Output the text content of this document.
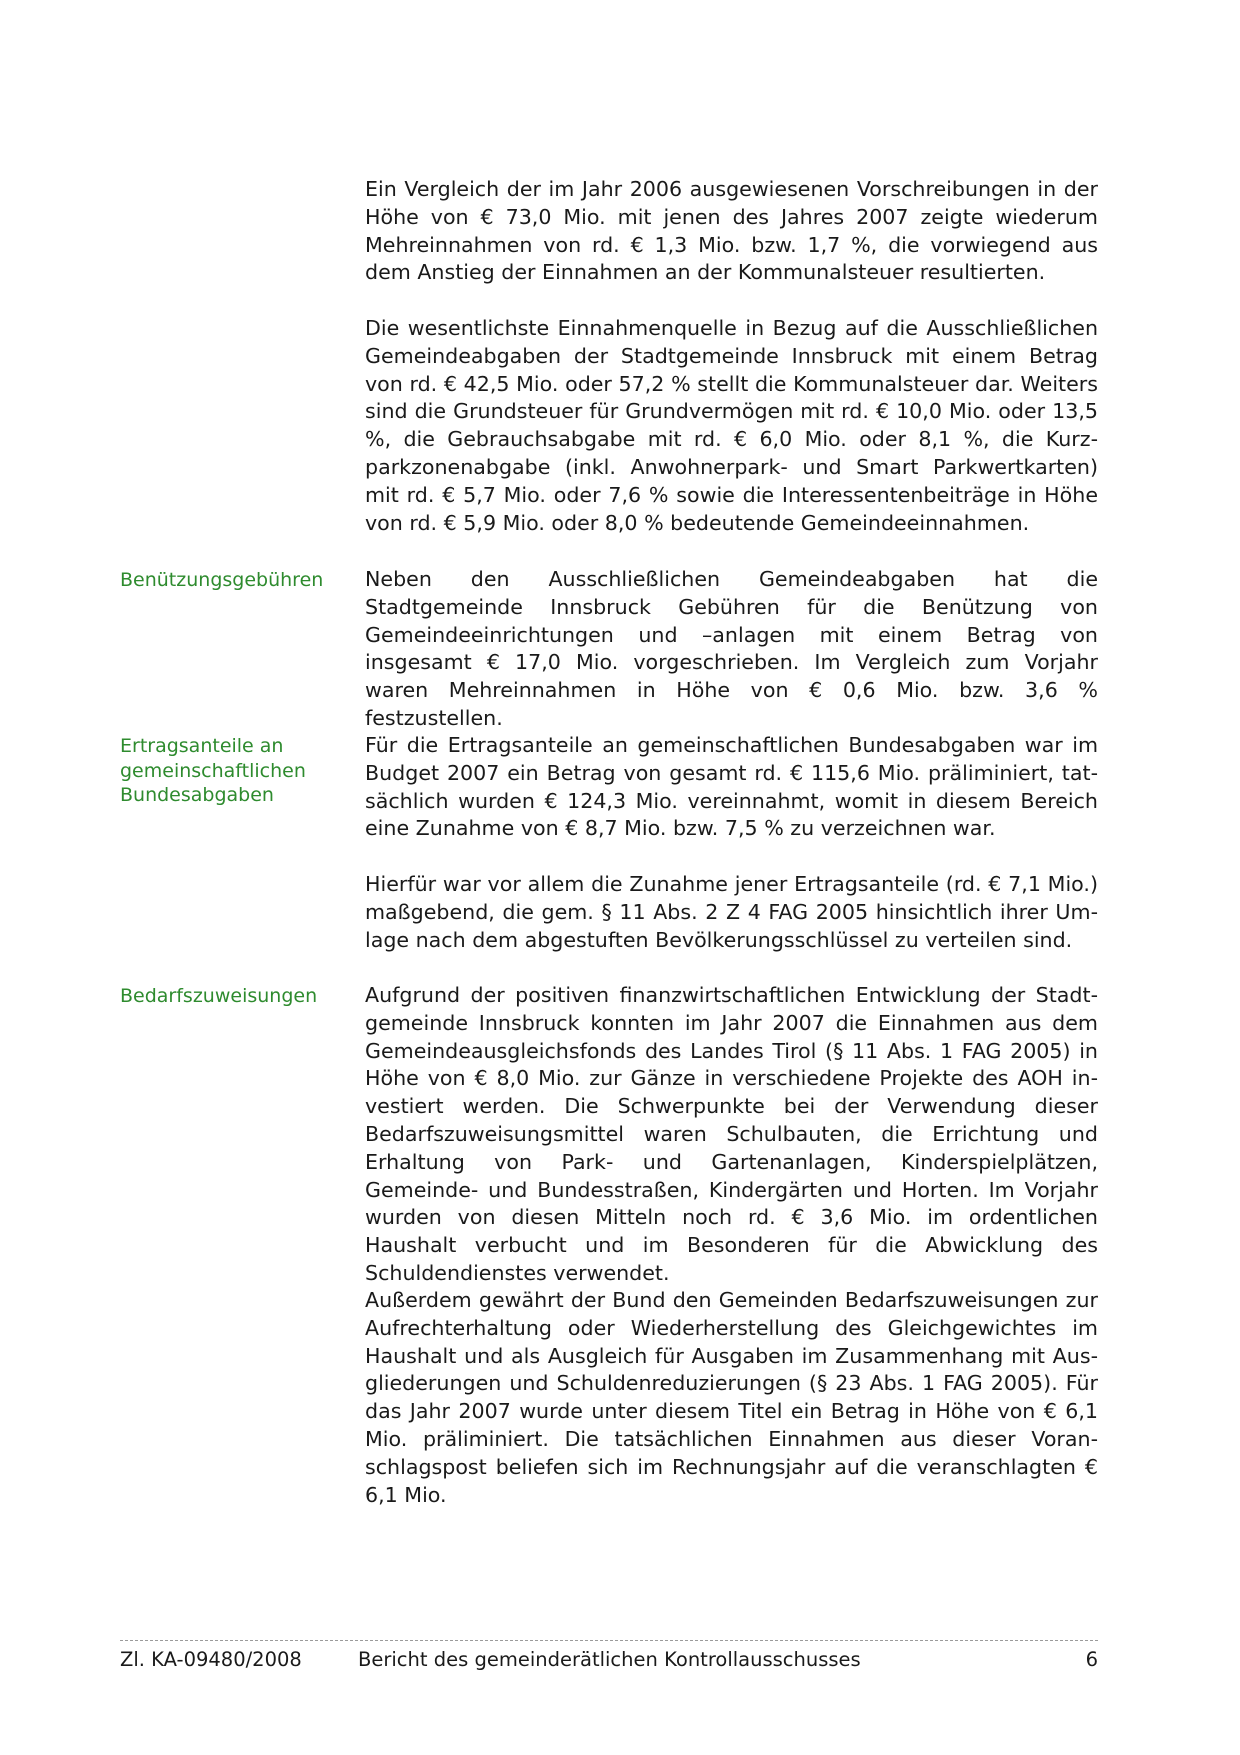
Ein Vergleich der im Jahr 2006 ausgewiesenen Vorschreibungen in der Höhe von € 73,0 Mio. mit jenen des Jahres 2007 zeigte wiederum Mehreinnahmen von rd. € 1,3 Mio. bzw. 1,7 %, die vorwiegend aus dem Anstieg der Einnahmen an der Kommunalsteuer resultierten.

Die wesentlichste Einnahmenquelle in Bezug auf die Ausschließlichen Gemeindeabgaben der Stadtgemeinde Innsbruck mit einem Betrag von rd. € 42,5 Mio. oder 57,2 % stellt die Kommunalsteuer dar. Weiters sind die Grundsteuer für Grundvermögen mit rd. € 10,0 Mio. oder 13,5 %, die Gebrauchsabgabe mit rd. € 6,0 Mio. oder 8,1 %, die Kurzparkzonenabgabe (inkl. Anwohnerpark- und Smart Parkwertkarten) mit rd. € 5,7 Mio. oder 7,6 % sowie die Interessentenbeiträge in Höhe von rd. € 5,9 Mio. oder 8,0 % bedeutende Gemeindeeinnahmen.

Benützungsgebühren Neben den Ausschließlichen Gemeindeabgaben hat die Stadtgemeinde Innsbruck Gebühren für die Benützung von Gemeindeeinrichtungen und –anlagen mit einem Betrag von insgesamt € 17,0 Mio. vorgeschrieben. Im Vergleich zum Vorjahr waren Mehreinnahmen in Höhe von € 0,6 Mio. bzw. 3,6 % festzustellen.

Ertragsanteile an gemeinschaftlichen Bundesabgaben

Für die Ertragsanteile an gemeinschaftlichen Bundesabgaben war im Budget 2007 ein Betrag von gesamt rd. € 115,6 Mio. präliminiert, tatsächlich wurden € 124,3 Mio. vereinnahmt, womit in diesem Bereich eine Zunahme von € 8,7 Mio. bzw. 7,5 % zu verzeichnen war.

Hierfür war vor allem die Zunahme jener Ertragsanteile (rd. € 7,1 Mio.) maßgebend, die gem. § 11 Abs. 2 Z 4 FAG 2005 hinsichtlich ihrer Umlage nach dem abgestuften Bevölkerungsschlüssel zu verteilen sind.

Bedarfszuweisungen Aufgrund der positiven finanzwirtschaftlichen Entwicklung der Stadtgemeinde Innsbruck konnten im Jahr 2007 die Einnahmen aus dem Gemeindeausgleichsfonds des Landes Tirol (§ 11 Abs. 1 FAG 2005) in Höhe von € 8,0 Mio. zur Gänze in verschiedene Projekte des AOH investiert werden. Die Schwerpunkte bei der Verwendung dieser Bedarfszuweisungsmittel waren Schulbauten, die Errichtung und Erhaltung von Park- und Gartenanlagen, Kinderspielplätzen, Gemeinde- und Bundesstraßen, Kindergärten und Horten. Im Vorjahr wurden von diesen Mitteln noch rd. € 3,6 Mio. im ordentlichen Haushalt verbucht und im Besonderen für die Abwicklung des Schuldendienstes verwendet.

Außerdem gewährt der Bund den Gemeinden Bedarfszuweisungen zur Aufrechterhaltung oder Wiederherstellung des Gleichgewichtes im Haushalt und als Ausgleich für Ausgaben im Zusammenhang mit Ausgliederungen und Schuldenreduzierungen (§ 23 Abs. 1 FAG 2005). Für das Jahr 2007 wurde unter diesem Titel ein Betrag in Höhe von € 6,1 Mio. präliminiert. Die tatsächlichen Einnahmen aus dieser Voranschlagspost beliefen sich im Rechnungsjahr auf die veranschlagten € 6,1 Mio.

Zl. KA-09480/2008	Bericht des gemeinderätlichen Kontrollausschusses	6
